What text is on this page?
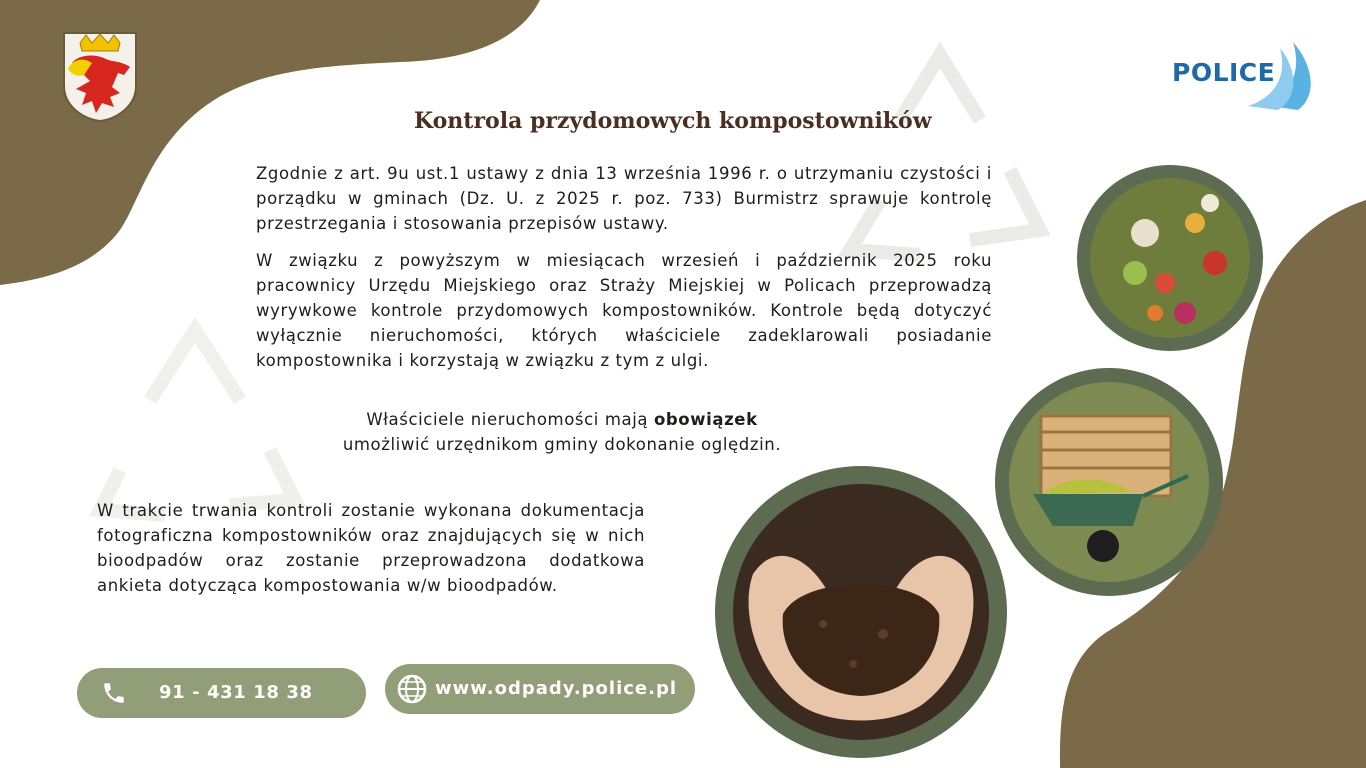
POLICE
Kontrola przydomowych kompostowników
Zgodnie z art. 9u ust.1 ustawy z dnia 13 września 1996 r. o utrzymaniu czystości i porządku w gminach (Dz. U. z 2025 r. poz. 733) Burmistrz sprawuje kontrolę przestrzegania i stosowania przepisów ustawy.
W związku z powyższym w miesiącach wrzesień i październik 2025 roku pracownicy Urzędu Miejskiego oraz Straży Miejskiej w Policach przeprowadzą wyrywkowe kontrole przydomowych kompostowników. Kontrole będą dotyczyć wyłącznie nieruchomości, których właściciele zadeklarowali posiadanie kompostownika i korzystają w związku z tym z ulgi.
Właściciele nieruchomości mają obowiązek
umożliwić urzędnikom gminy dokonanie oględzin.
W trakcie trwania kontroli zostanie wykonana dokumentacja fotograficzna kompostowników oraz znajdujących się w nich bioodpadów oraz zostanie przeprowadzona dodatkowa ankieta dotycząca kompostowania w/w bioodpadów.
91 - 431 18 38	www.odpady.police.pl
